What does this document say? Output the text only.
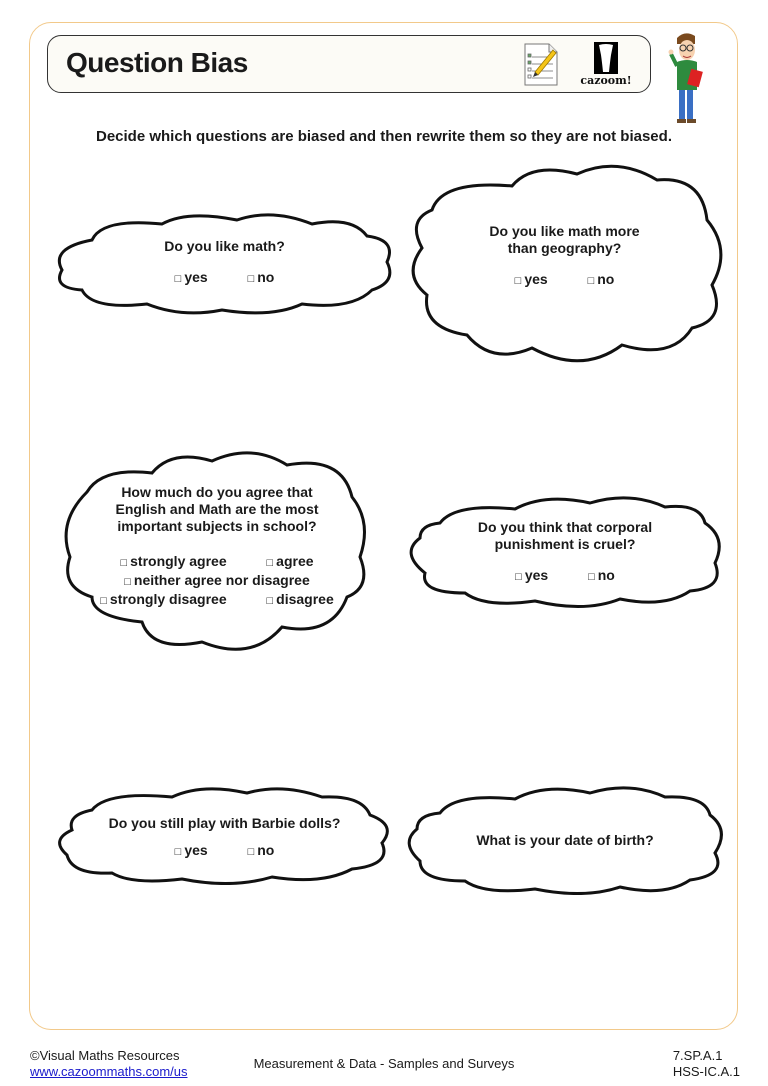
Question Bias
cazoom!
Decide which questions are biased and then rewrite them so they are not biased.
Do you like math?
□ yes	□ no
Do you like math more
than geography?
□ yes	□ no
How much do you agree that
English and Math are the most
important subjects in school?
□ strongly agree	□ agree
□ neither agree nor disagree
□ strongly disagree	□ disagree
Do you think that corporal
punishment is cruel?
□ yes	□ no
Do you still play with Barbie dolls?
□ yes	□ no
What is your date of birth?
©Visual Maths Resources
www.cazoommaths.com/us
Measurement & Data - Samples and Surveys
7.SP.A.1
HSS-IC.A.1
